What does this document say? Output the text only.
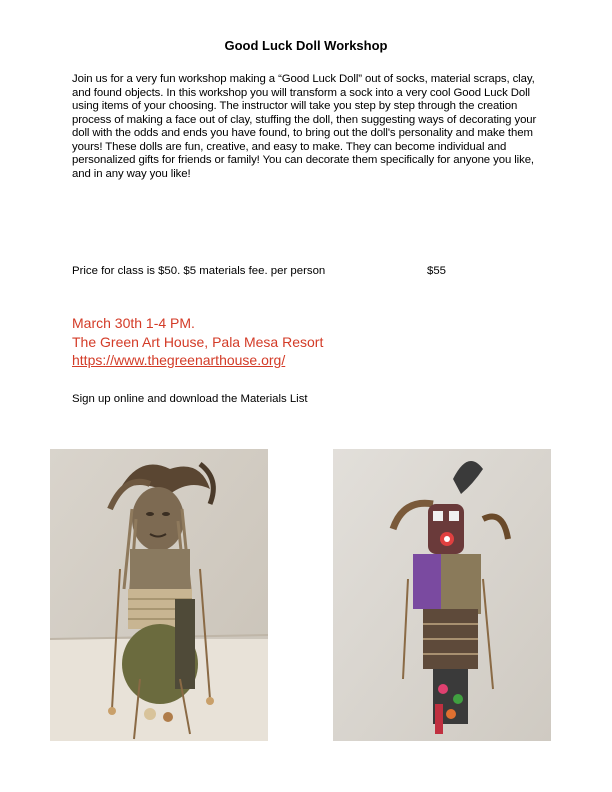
Good Luck Doll Workshop
Join us for a very fun workshop making a “Good Luck Doll” out of socks, material scraps, clay, and found objects. In this workshop you will transform a sock into a very cool Good Luck Doll using items of your choosing. The instructor will take you step by step through the creation process of making a face out of clay, stuffing the doll, then suggesting ways of decorating your doll with the odds and ends you have found, to bring out the doll's personality and make them yours! These dolls are fun, creative, and easy to make. They can become individual and personalized gifts for friends or family! You can decorate them specifically for anyone you like, and in any way you like!
Price for class is $50. $5 materials fee. per person	$55
March 30th 1-4 PM.
The Green Art House, Pala Mesa Resort
https://www.thegreenarthouse.org/
Sign up online and download the Materials List
